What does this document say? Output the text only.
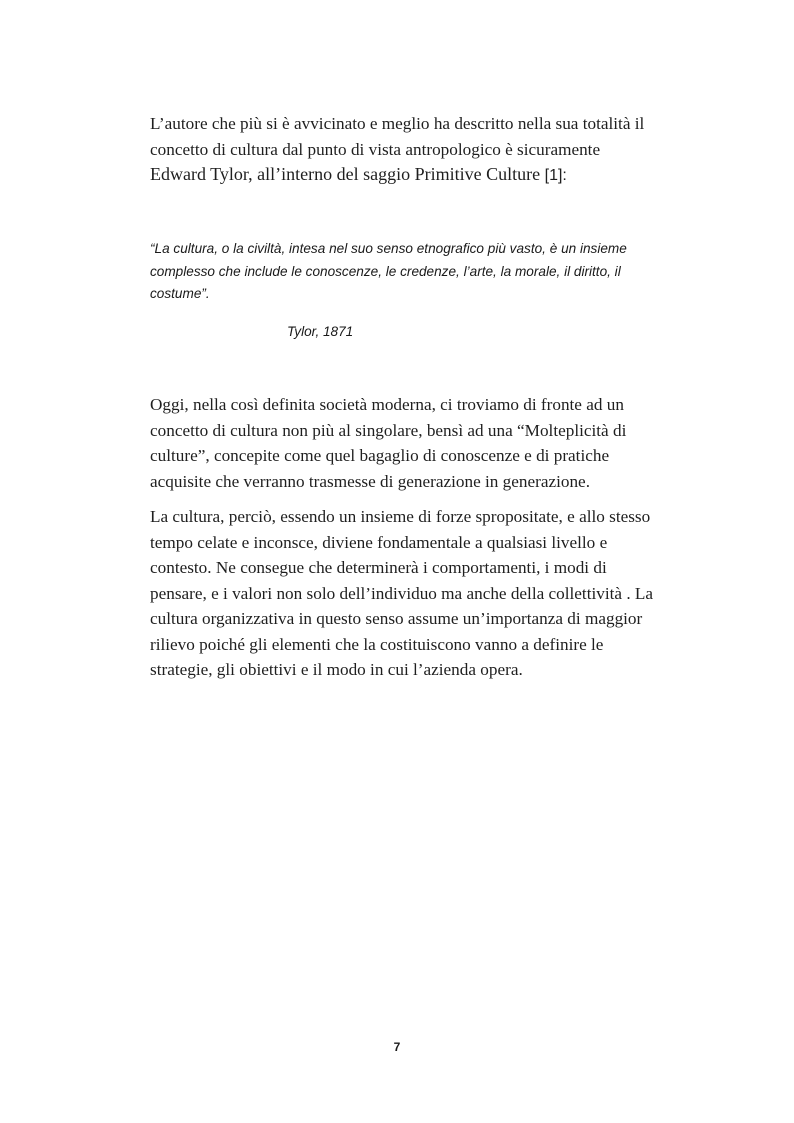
L’autore che più si è avvicinato e meglio ha descritto nella sua totalità il
concetto di cultura dal punto di vista antropologico è sicuramente
Edward Tylor, all’interno del saggio Primitive Culture [1]:

“La cultura, o la civiltà, intesa nel suo senso etnografico più vasto, è un insieme
complesso che include le conoscenze, le credenze, l’arte, la morale, il diritto, il
costume”.

Tylor, 1871

Oggi, nella così definita società moderna, ci troviamo di fronte ad un
concetto di cultura non più al singolare, bensì ad una “Molteplicità di
culture”, concepite come quel bagaglio di conoscenze e di pratiche
acquisite che verranno trasmesse di generazione in generazione.

La cultura, perciò, essendo un insieme di forze spropositate, e allo stesso
tempo celate e inconsce, diviene fondamentale a qualsiasi livello e
contesto. Ne consegue che determinerà i comportamenti, i modi di
pensare, e i valori non solo dell’individuo ma anche della collettività . La
cultura organizzativa in questo senso assume un’importanza di maggior
rilievo poiché gli elementi che la costituiscono vanno a definire le
strategie, gli obiettivi e il modo in cui l’azienda opera.

7
